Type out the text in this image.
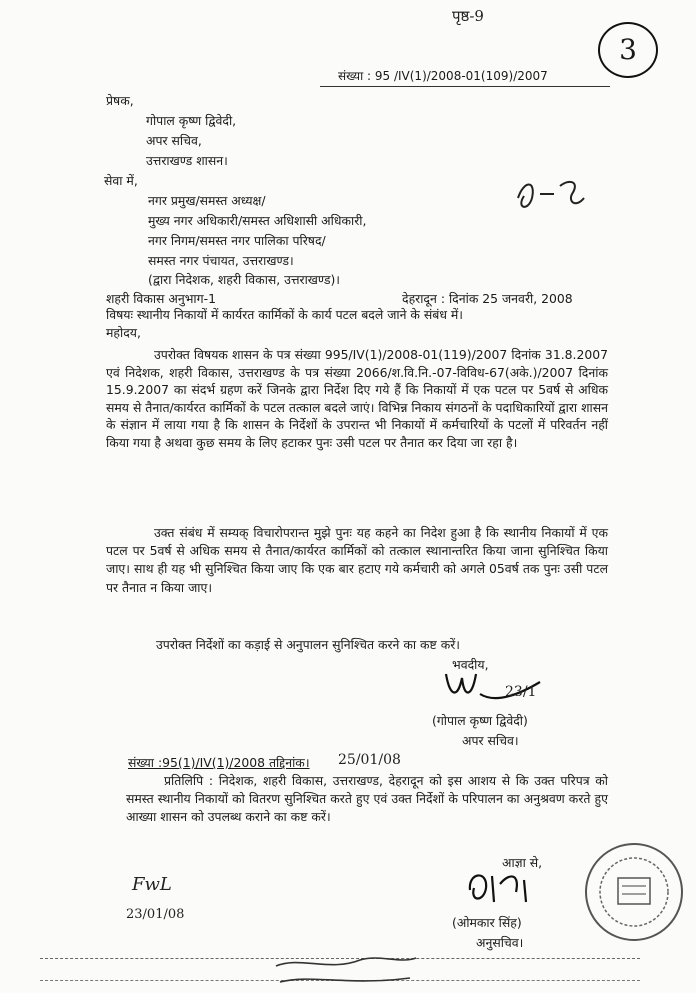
पृष्ठ-9
3
संख्या : 95 /IV(1)/2008-01(109)/2007
प्रेषक,
गोपाल कृष्ण द्विवेदी,
अपर सचिव,
उत्तराखण्ड शासन।
सेवा में,
नगर प्रमुख/समस्त अध्यक्ष/
मुख्य नगर अधिकारी/समस्त अधिशासी अधिकारी,
नगर निगम/समस्त नगर पालिका परिषद/
समस्त नगर पंचायत, उत्तराखण्ड।
(द्वारा निदेशक, शहरी विकास, उत्तराखण्ड)।
शहरी विकास अनुभाग-1	देहरादून : दिनांक 25 जनवरी, 2008
विषयः स्थानीय निकायों में कार्यरत कार्मिकों के कार्य पटल बदले जाने के संबंध में।
महोदय,
उपरोक्त विषयक शासन के पत्र संख्या 995/IV(1)/2008-01(119)/2007 दिनांक 31.8.2007 एवं निदेशक, शहरी विकास, उत्तराखण्ड के पत्र संख्या 2066/श.वि.नि.-07-विविध-67(अके.)/2007 दिनांक 15.9.2007 का संदर्भ ग्रहण करें जिनके द्वारा निर्देश दिए गये हैं कि निकायों में एक पटल पर 5वर्ष से अधिक समय से तैनात/कार्यरत कार्मिकों के पटल तत्काल बदले जाएं। विभिन्न निकाय संगठनों के पदाधिकारियों द्वारा शासन के संज्ञान में लाया गया है कि शासन के निर्देशों के उपरान्त भी निकायों में कर्मचारियों के पटलों में परिवर्तन नहीं किया गया है अथवा कुछ समय के लिए हटाकर पुनः उसी पटल पर तैनात कर दिया जा रहा है।
उक्त संबंध में सम्यक् विचारोपरान्त मुझे पुनः यह कहने का निदेश हुआ है कि स्थानीय निकायों में एक पटल पर 5वर्ष से अधिक समय से तैनात/कार्यरत कार्मिकों को तत्काल स्थानान्तरित किया जाना सुनिश्चित किया जाए। साथ ही यह भी सुनिश्चित किया जाए कि एक बार हटाए गये कर्मचारी को अगले 05वर्ष तक पुनः उसी पटल पर तैनात न किया जाए।
उपरोक्त निर्देशों का कड़ाई से अनुपालन सुनिश्चित करने का कष्ट करें।
भवदीय,
23/1
(गोपाल कृष्ण द्विवेदी)
अपर सचिव।
संख्या :95(1)/IV(1)/2008 तद्दिनांक। 25/01/08
प्रतिलिपि : निदेशक, शहरी विकास, उत्तराखण्ड, देहरादून को इस आशय से कि उक्त परिपत्र को समस्त स्थानीय निकायों को वितरण सुनिश्चित करते हुए एवं उक्त निर्देशों के परिपालन का अनुश्रवण करते हुए आख्या शासन को उपलब्ध कराने का कष्ट करें।
आज्ञा से,
(ओमकार सिंह)
अनुसचिव।
FwL
23/01/08
